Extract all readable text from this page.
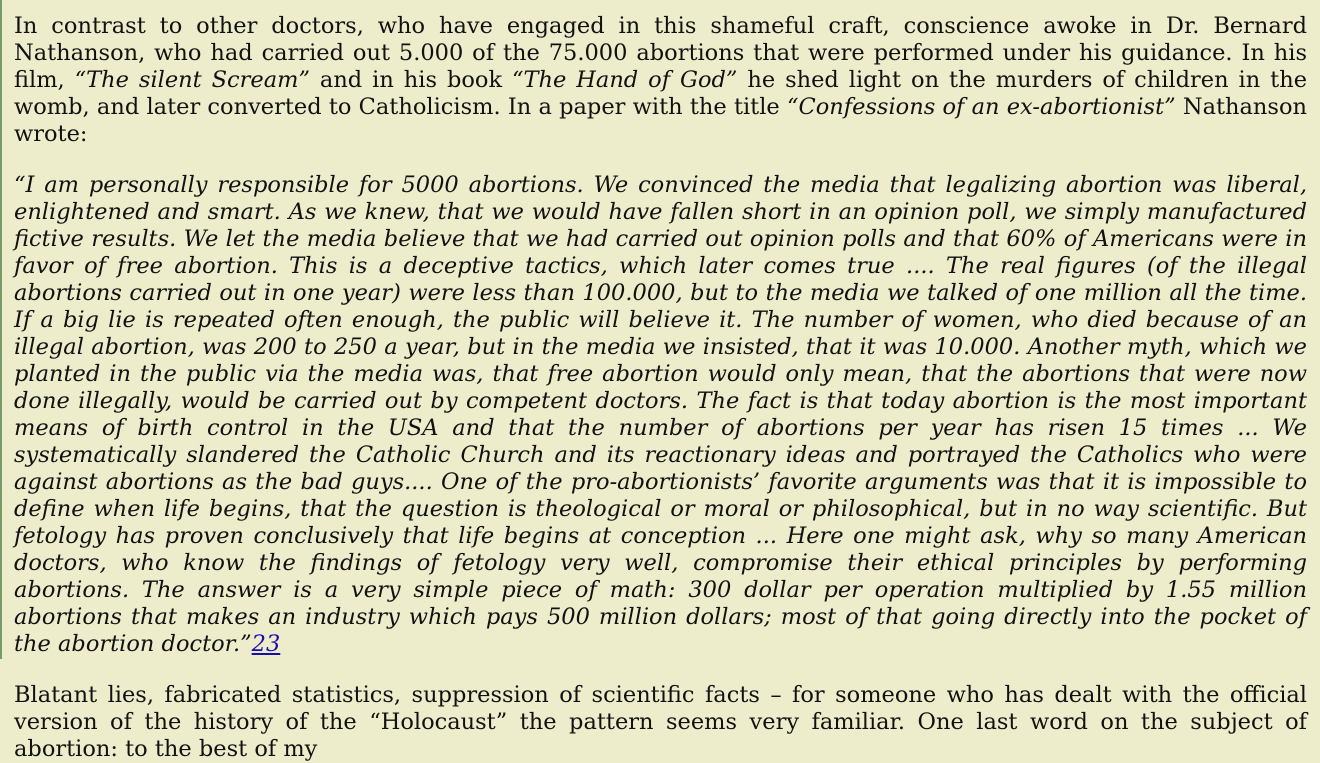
In contrast to other doctors, who have engaged in this shameful craft, conscience awoke in Dr. Bernard Nathanson, who had carried out 5.000 of the 75.000 abortions that were performed under his guidance. In his film, “The silent Scream” and in his book “The Hand of God” he shed light on the murders of children in the womb, and later converted to Catholicism. In a paper with the title “Confessions of an ex-abortionist” Nathanson wrote:

“I am personally responsible for 5000 abortions. We convinced the media that legalizing abortion was liberal, enlightened and smart. As we knew, that we would have fallen short in an opinion poll, we simply manufactured fictive results. We let the media believe that we had carried out opinion polls and that 60% of Americans were in favor of free abortion. This is a deceptive tactics, which later comes true .... The real figures (of the illegal abortions carried out in one year) were less than 100.000, but to the media we talked of one million all the time. If a big lie is repeated often enough, the public will believe it. The number of women, who died because of an illegal abortion, was 200 to 250 a year, but in the media we insisted, that it was 10.000. Another myth, which we planted in the public via the media was, that free abortion would only mean, that the abortions that were now done illegally, would be carried out by competent doctors. The fact is that today abortion is the most important means of birth control in the USA and that the number of abortions per year has risen 15 times ... We systematically slandered the Catholic Church and its reactionary ideas and portrayed the Catholics who were against abortions as the bad guys.... One of the pro-abortionists’ favorite arguments was that it is impossible to define when life begins, that the question is theological or moral or philosophical, but in no way scientific. But fetology has proven conclusively that life begins at conception ... Here one might ask, why so many American doctors, who know the findings of fetology very well, compromise their ethical principles by performing abortions. The answer is a very simple piece of math: 300 dollar per operation multiplied by 1.55 million abortions that makes an industry which pays 500 million dollars; most of that going directly into the pocket of the abortion doctor.”23

Blatant lies, fabricated statistics, suppression of scientific facts – for someone who has dealt with the official version of the history of the “Holocaust” the pattern seems very familiar. One last word on the subject of abortion: to the best of my
